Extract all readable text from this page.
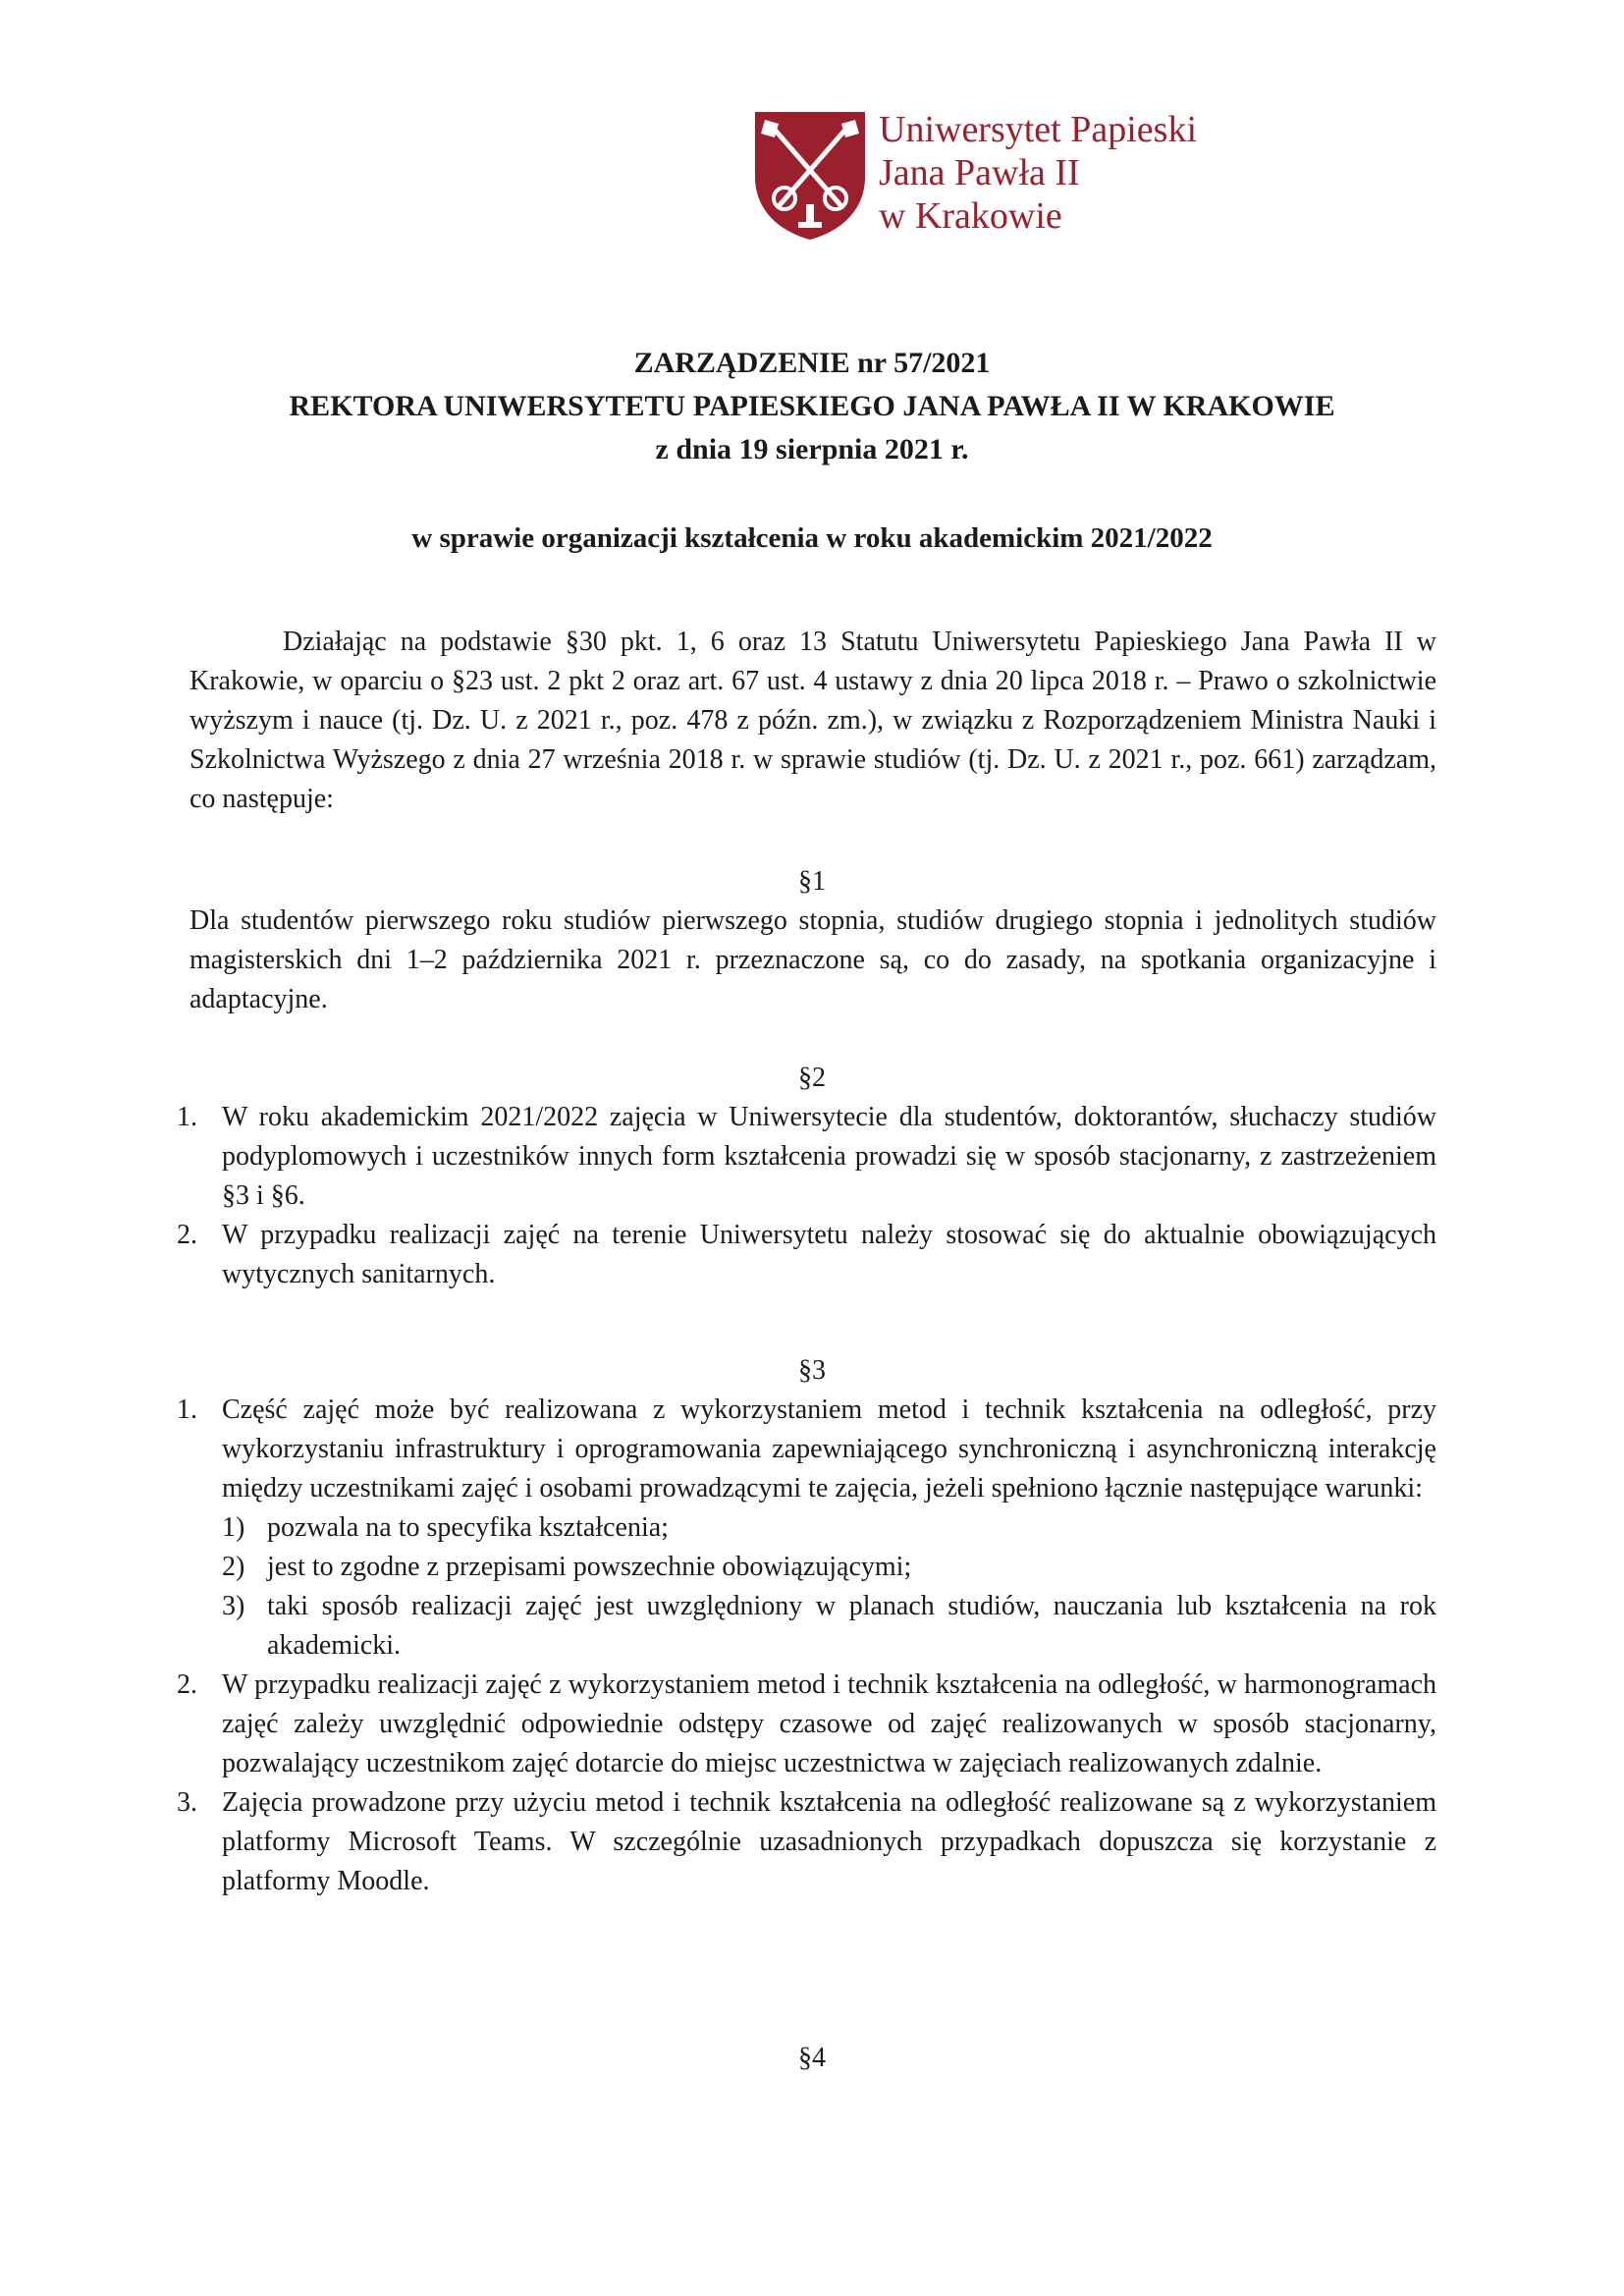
Uniwersytet Papieski
Jana Pawła II
w Krakowie
ZARZĄDZENIE nr 57/2021
REKTORA UNIWERSYTETU PAPIESKIEGO JANA PAWŁA II W KRAKOWIE
z dnia 19 sierpnia 2021 r.
w sprawie organizacji kształcenia w roku akademickim 2021/2022
Działając na podstawie §30 pkt. 1, 6 oraz 13 Statutu Uniwersytetu Papieskiego Jana Pawła II w Krakowie, w oparciu o §23 ust. 2 pkt 2 oraz art. 67 ust. 4 ustawy z dnia 20 lipca 2018 r. – Prawo o szkolnictwie wyższym i nauce (tj. Dz. U. z 2021 r., poz. 478 z późn. zm.), w związku z Rozporządzeniem Ministra Nauki i Szkolnictwa Wyższego z dnia 27 września 2018 r. w sprawie studiów (tj. Dz. U. z 2021 r., poz. 661) zarządzam, co następuje:
§1
Dla studentów pierwszego roku studiów pierwszego stopnia, studiów drugiego stopnia i jednolitych studiów magisterskich dni 1–2 października 2021 r. przeznaczone są, co do zasady, na spotkania organizacyjne i adaptacyjne.
§2
1. W roku akademickim 2021/2022 zajęcia w Uniwersytecie dla studentów, doktorantów, słuchaczy studiów podyplomowych i uczestników innych form kształcenia prowadzi się w sposób stacjonarny, z zastrzeżeniem §3 i §6.
2. W przypadku realizacji zajęć na terenie Uniwersytetu należy stosować się do aktualnie obowiązujących wytycznych sanitarnych.
§3
1. Część zajęć może być realizowana z wykorzystaniem metod i technik kształcenia na odległość, przy wykorzystaniu infrastruktury i oprogramowania zapewniającego synchroniczną i asynchroniczną interakcję między uczestnikami zajęć i osobami prowadzącymi te zajęcia, jeżeli spełniono łącznie następujące warunki:
1) pozwala na to specyfika kształcenia;
2) jest to zgodne z przepisami powszechnie obowiązującymi;
3) taki sposób realizacji zajęć jest uwzględniony w planach studiów, nauczania lub kształcenia na rok akademicki.
2. W przypadku realizacji zajęć z wykorzystaniem metod i technik kształcenia na odległość, w harmonogramach zajęć zależy uwzględnić odpowiednie odstępy czasowe od zajęć realizowanych w sposób stacjonarny, pozwalający uczestnikom zajęć dotarcie do miejsc uczestnictwa w zajęciach realizowanych zdalnie.
3. Zajęcia prowadzone przy użyciu metod i technik kształcenia na odległość realizowane są z wykorzystaniem platformy Microsoft Teams. W szczególnie uzasadnionych przypadkach dopuszcza się korzystanie z platformy Moodle.
§4
